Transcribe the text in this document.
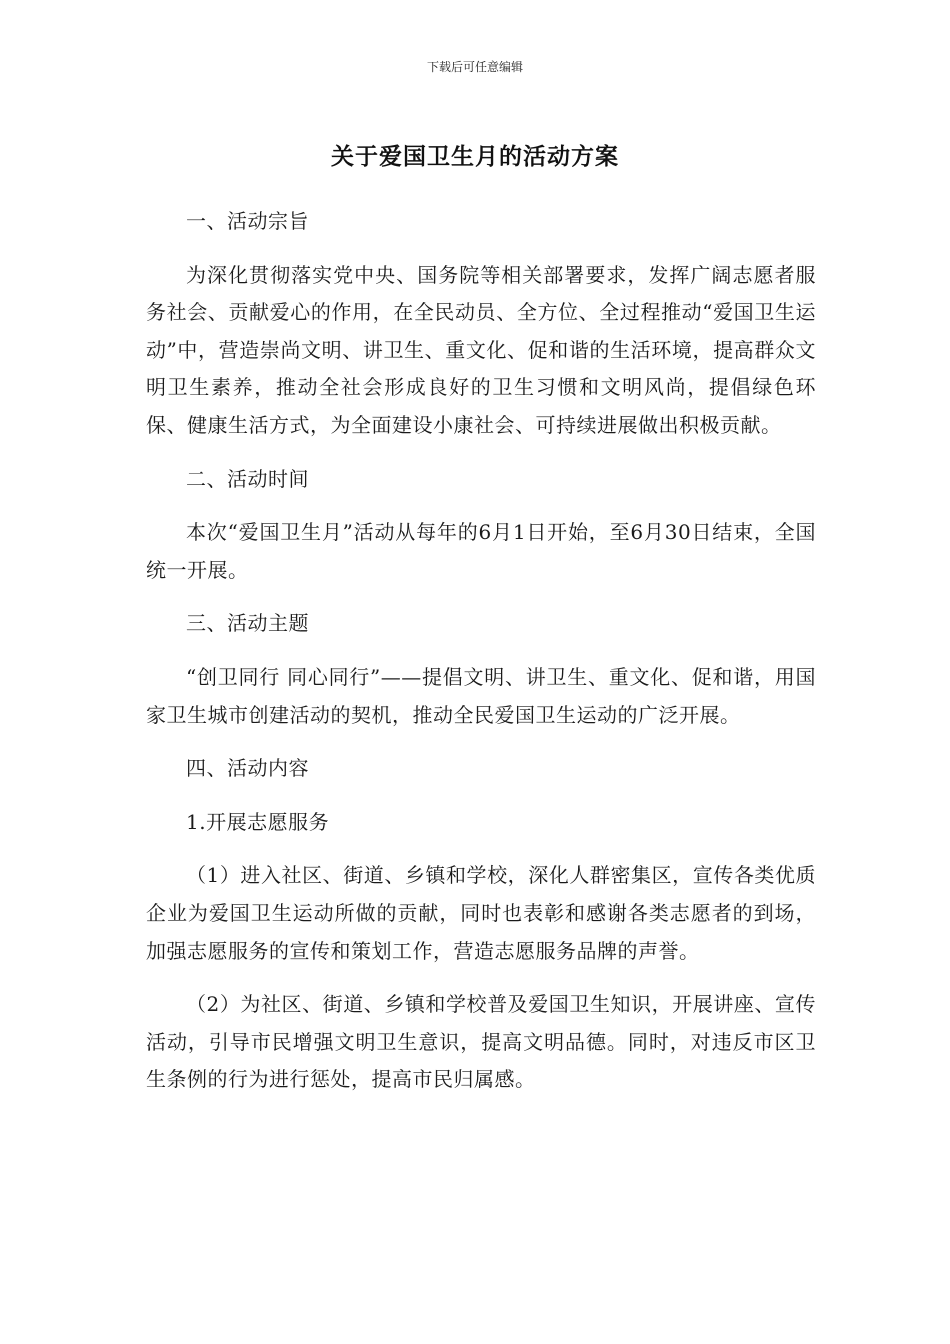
下载后可任意编辑
关于爱国卫生月的活动方案

一、活动宗旨

为深化贯彻落实党中央、国务院等相关部署要求，发挥广阔志愿者服务社会、贡献爱心的作用，在全民动员、全方位、全过程推动“爱国卫生运动”中，营造崇尚文明、讲卫生、重文化、促和谐的生活环境，提高群众文明卫生素养，推动全社会形成良好的卫生习惯和文明风尚，提倡绿色环保、健康生活方式，为全面建设小康社会、可持续进展做出积极贡献。

二、活动时间

本次“爱国卫生月”活动从每年的6月1日开始，至6月30日结束，全国统一开展。

三、活动主题

“创卫同行 同心同行”——提倡文明、讲卫生、重文化、促和谐，用国家卫生城市创建活动的契机，推动全民爱国卫生运动的广泛开展。

四、活动内容

1.开展志愿服务

（1）进入社区、街道、乡镇和学校，深化人群密集区，宣传各类优质企业为爱国卫生运动所做的贡献，同时也表彰和感谢各类志愿者的到场，加强志愿服务的宣传和策划工作，营造志愿服务品牌的声誉。

（2）为社区、街道、乡镇和学校普及爱国卫生知识，开展讲座、宣传活动，引导市民增强文明卫生意识，提高文明品德。同时，对违反市区卫生条例的行为进行惩处，提高市民归属感。
